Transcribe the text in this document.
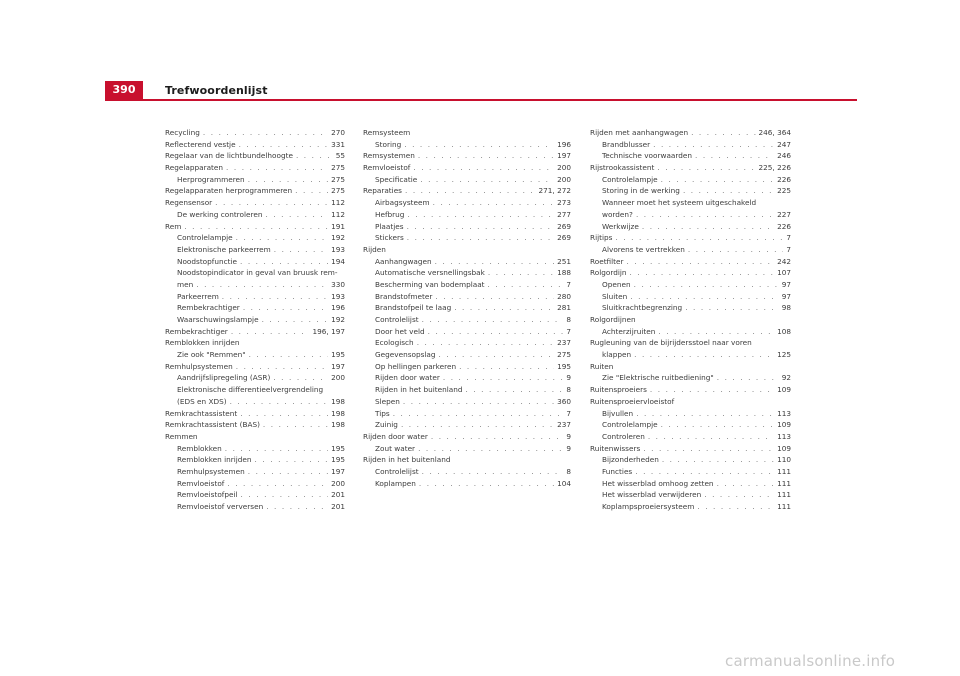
390	Trefwoordenlijst
Recycling . . .	270
Reflecterend vestje . . .	331
Regelaar van de lichtbundelhoogte . . .	55
Regelapparaten . . .	275
Herprogrammeren . . .	275
Regelapparaten herprogrammeren . . .	275
Regensensor . . .	112
De werking controleren . . .	112
Rem . . .	191
Controlelampje . . .	192
Elektronische parkeerrem . . .	193
Noodstopfunctie . . .	194
Noodstopindicator in geval van bruusk rem-
men . . .	330
Parkeerrem . . .	193
Rembekrachtiger . . .	196
Waarschuwingslampje . . .	192
Rembekrachtiger . . .	196, 197
Remblokken inrijden
Zie ook "Remmen" . . .	195
Remhulpsystemen . . .	197
Aandrijfslipregeling (ASR) . . .	200
Elektronische differentieelvergrendeling
(EDS en XDS) . . .	198
Remkrachtassistent . . .	198
Remkrachtassistent (BAS) . . .	198
Remmen
Remblokken . . .	195
Remblokken inrijden . . .	195
Remhulpsystemen . . .	197
Remvloeistof . . .	200
Remvloeistofpeil . . .	201
Remvloeistof verversen . . .	201
Remsysteem
Storing . . .	196
Remsystemen . . .	197
Remvloeistof . . .	200
Specificatie . . .	200
Reparaties . . .	271, 272
Airbagsysteem . . .	273
Hefbrug . . .	277
Plaatjes . . .	269
Stickers . . .	269
Rijden
Aanhangwagen . . .	251
Automatische versnellingsbak . . .	188
Bescherming van bodemplaat . . .	7
Brandstofmeter . . .	280
Brandstofpeil te laag . . .	281
Controlelijst . . .	8
Door het veld . . .	7
Ecologisch . . .	237
Gegevensopslag . . .	275
Op hellingen parkeren . . .	195
Rijden door water . . .	9
Rijden in het buitenland . . .	8
Slepen . . .	360
Tips . . .	7
Zuinig . . .	237
Rijden door water . . .	9
Zout water . . .	9
Rijden in het buitenland
Controlelijst . . .	8
Koplampen . . .	104
Rijden met aanhangwagen . . .	246, 364
Brandblusser . . .	247
Technische voorwaarden . . .	246
Rijstrookassistent . . .	225, 226
Controlelampje . . .	226
Storing in de werking . . .	225
Wanneer moet het systeem uitgeschakeld
worden? . . .	227
Werkwijze . . .	226
Rijtips . . .	7
Alvorens te vertrekken . . .	7
Roetfilter . . .	242
Rolgordijn . . .	107
Openen . . .	97
Sluiten . . .	97
Sluitkrachtbegrenzing . . .	98
Rolgordijnen
Achterzijruiten . . .	108
Rugleuning van de bijrijdersstoel naar voren
klappen . . .	125
Ruiten
Zie "Elektrische ruitbediening" . . .	92
Ruitensproeiers . . .	109
Ruitensproeiervloeistof
Bijvullen . . .	113
Controlelampje . . .	109
Controleren . . .	113
Ruitenwissers . . .	109
Bijzonderheden . . .	110
Functies . . .	111
Het wisserblad omhoog zetten . . .	111
Het wisserblad verwijderen . . .	111
Koplampsproeiersysteem . . .	111
carmanualsonline.info
